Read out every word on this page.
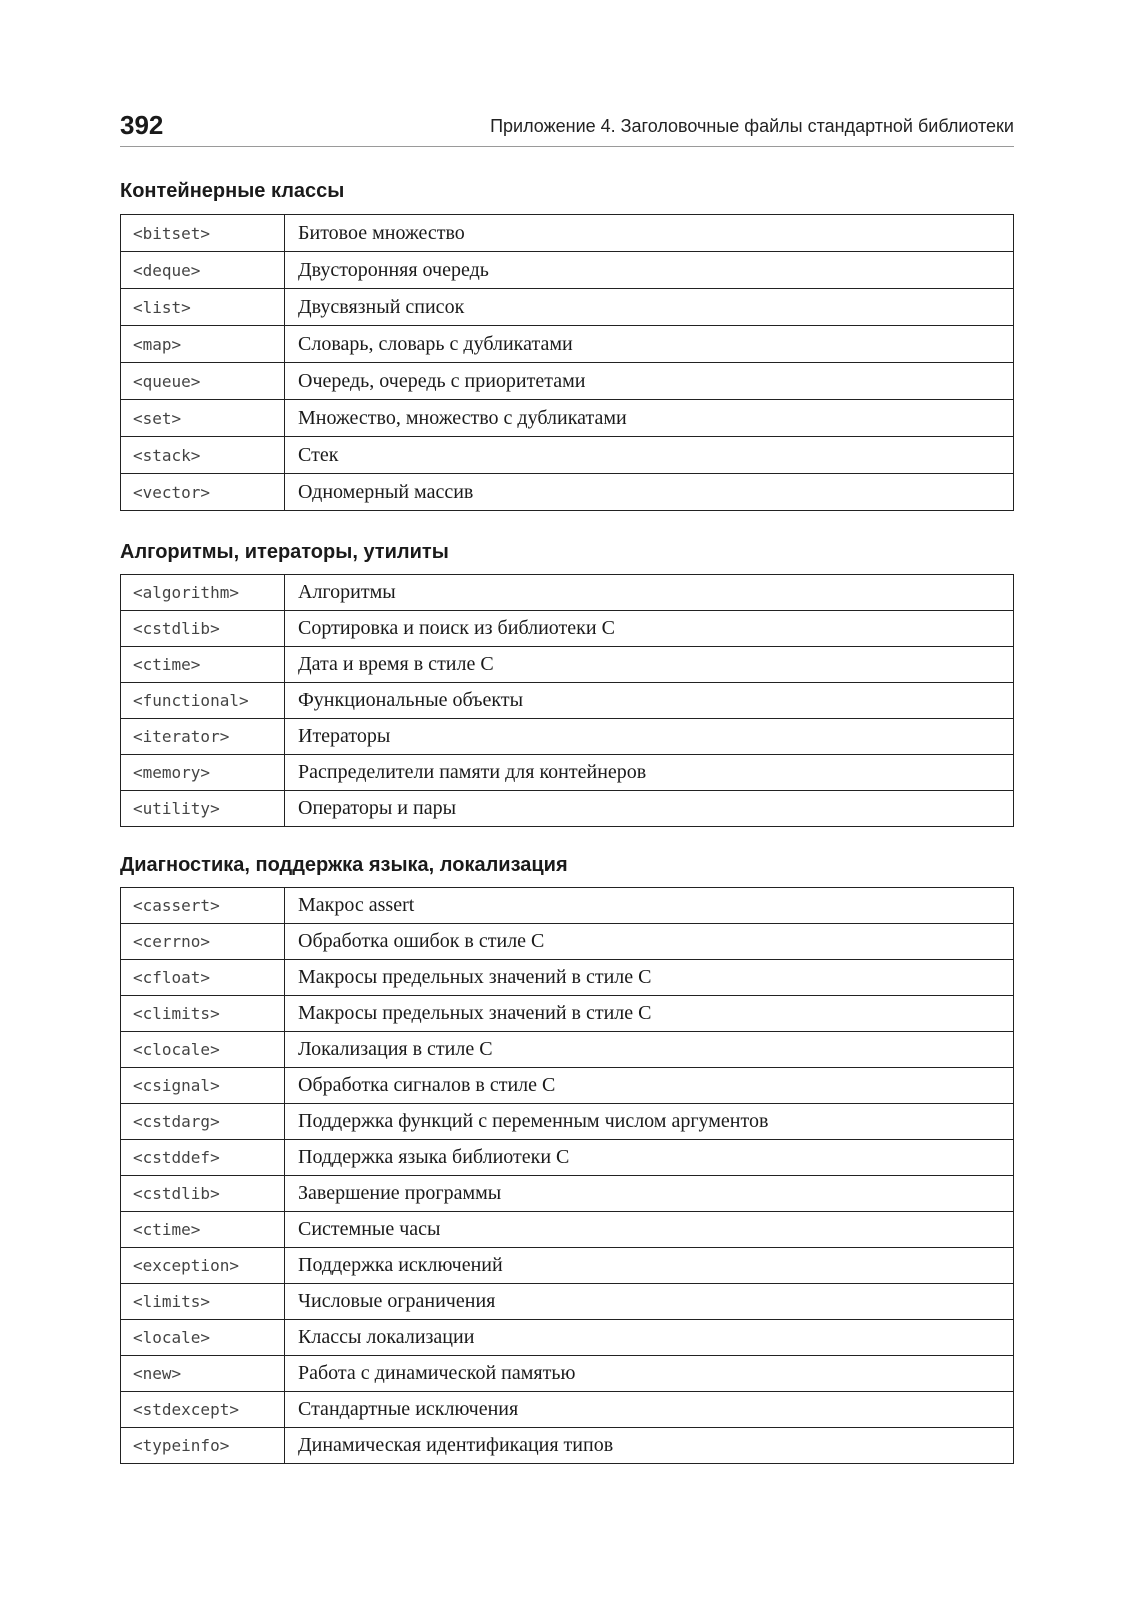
392	Приложение 4. Заголовочные файлы стандартной библиотеки
Контейнерные классы
<bitset>	Битовое множество
<deque>	Двусторонняя очередь
<list>	Двусвязный список
<map>	Словарь, словарь с дубликатами
<queue>	Очередь, очередь с приоритетами
<set>	Множество, множество с дубликатами
<stack>	Стек
<vector>	Одномерный массив
Алгоритмы, итераторы, утилиты
<algorithm>	Алгоритмы
<cstdlib>	Сортировка и поиск из библиотеки С
<ctime>	Дата и время в стиле С
<functional>	Функциональные объекты
<iterator>	Итераторы
<memory>	Распределители памяти для контейнеров
<utility>	Операторы и пары
Диагностика, поддержка языка, локализация
<cassert>	Макрос assert
<cerrno>	Обработка ошибок в стиле С
<cfloat>	Макросы предельных значений в стиле С
<climits>	Макросы предельных значений в стиле С
<clocale>	Локализация в стиле С
<csignal>	Обработка сигналов в стиле С
<cstdarg>	Поддержка функций с переменным числом аргументов
<cstddef>	Поддержка языка библиотеки С
<cstdlib>	Завершение программы
<ctime>	Системные часы
<exception>	Поддержка исключений
<limits>	Числовые ограничения
<locale>	Классы локализации
<new>	Работа с динамической памятью
<stdexcept>	Стандартные исключения
<typeinfo>	Динамическая идентификация типов
